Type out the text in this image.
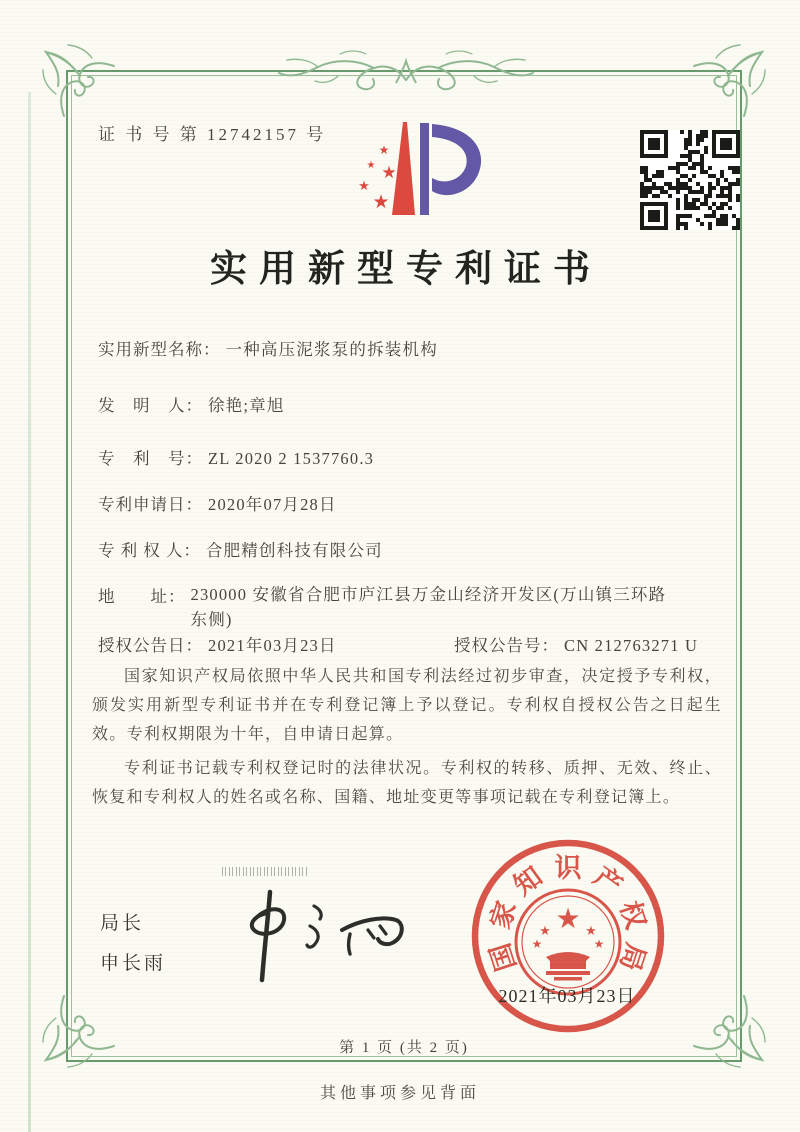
证 书 号 第 12742157 号
★
★ ★
★
★
实用新型专利证书
实用新型名称： 一种高压泥浆泵的拆装机构
发　明　人： 徐艳;章旭
专　利　号： ZL 2020 2 1537760.3
专利申请日： 2020年07月28日
专 利 权 人： 合肥精创科技有限公司
地　　址： 230000 安徽省合肥市庐江县万金山经济开发区(万山镇三环路东侧)
授权公告日： 2021年03月23日	授权公告号： CN 212763271 U

国家知识产权局依照中华人民共和国专利法经过初步审查，决定授予专利权，颁发实用新型专利证书并在专利登记簿上予以登记。专利权自授权公告之日起生效。专利权期限为十年，自申请日起算。

专利证书记载专利权登记时的法律状况。专利权的转移、质押、无效、终止、恢复和专利权人的姓名或名称、国籍、地址变更等事项记载在专利登记簿上。

局长
申长雨	国
家
知 识 产
权
局
★
★	★
★	★
2021年03月23日
第 1 页 (共 2 页)
其他事项参见背面
